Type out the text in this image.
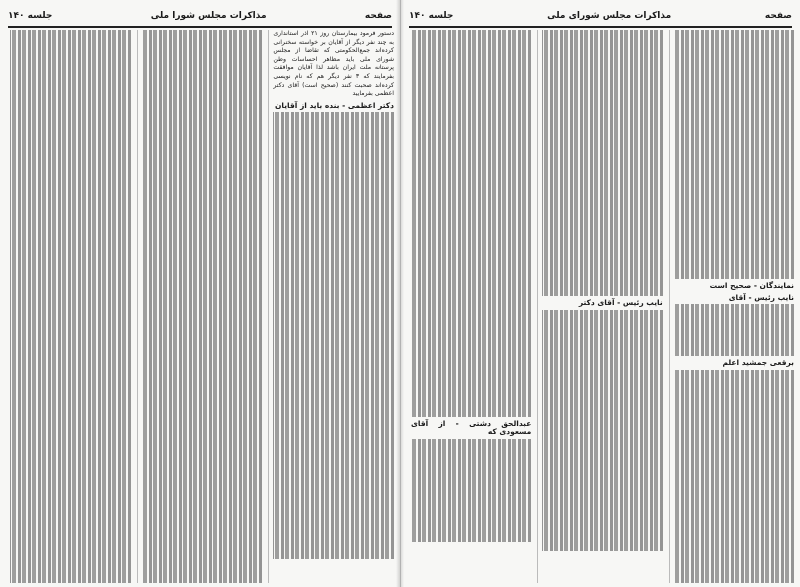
صفحه
مذاکرات مجلس شورا ملی
جلسه ۱۴۰

دستور فرمود بیمارستان روز ۲۱ آذر استانداری به چند نفر دیگر از آقایان بر خواسته سخنرانی کرده‌اند جمع‌الحکومتی که تقاضا از مجلس شورای ملی باید مظاهر احساسات وطن پرستانه ملت ایران باشد لذا آقایان موافقت بفرمایند که ۳ نفر دیگر هم که نام نویسی کرده‌اند صحبت کنند (صحیح است) آقای دکتر اعظمی بفرمایید

دکتر اعظمی - بنده باید از آقایان
صفحه
مذاکرات مجلس شورای ملی
جلسه ۱۴۰
نمایندگان - صحیح است
نایب رئیس - آقای
برقعی جمشید اعلم
نایب رئیس - آقای دکتر
عبدالحق دشتی - از آقای مسعودی که
